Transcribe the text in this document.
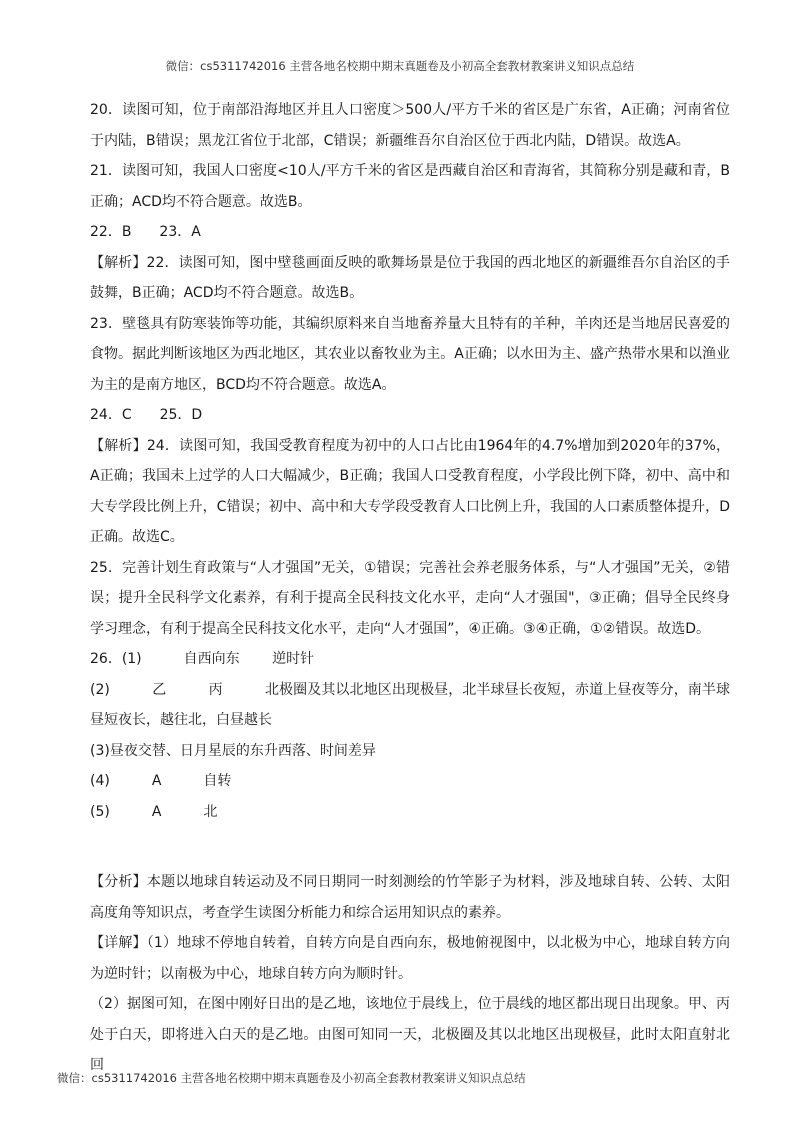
微信：cs5311742016 主营各地名校期中期末真题卷及小初高全套教材教案讲义知识点总结

20．读图可知，位于南部沿海地区并且人口密度＞500人/平方千米的省区是广东省，A正确；河南省位于内陆，B错误；黑龙江省位于北部，C错误；新疆维吾尔自治区位于西北内陆，D错误。故选A。

21．读图可知，我国人口密度<10人/平方千米的省区是西藏自治区和青海省，其简称分别是藏和青，B正确；ACD均不符合题意。故选B。

22．B　　23．A

【解析】22．读图可知，图中壁毯画面反映的歌舞场景是位于我国的西北地区的新疆维吾尔自治区的手鼓舞，B正确；ACD均不符合题意。故选B。

23．壁毯具有防寒装饰等功能，其编织原料来自当地畜养量大且特有的羊种，羊肉还是当地居民喜爱的食物。据此判断该地区为西北地区，其农业以畜牧业为主。A正确；以水田为主、盛产热带水果和以渔业为主的是南方地区，BCD均不符合题意。故选A。

24．C　　25．D

【解析】24．读图可知，我国受教育程度为初中的人口占比由1964年的4.7%增加到2020年的37%，A正确；我国未上过学的人口大幅减少，B正确；我国人口受教育程度，小学段比例下降，初中、高中和大专学段比例上升，C错误；初中、高中和大专学段受教育人口比例上升，我国的人口素质整体提升，D正确。故选C。

25．完善计划生育政策与“人才强国”无关，①错误；完善社会养老服务体系，与“人才强国”无关，②错误；提升全民科学文化素养，有利于提高全民科技文化水平，走向“人才强国"，③正确；倡导全民终身学习理念，有利于提高全民科技文化水平，走向“人才强国”，④正确。③④正确，①②错误。故选D。

26．(1)　　　自西向东　　 逆时针

(2)　　　乙　　　丙　　　北极圈及其以北地区出现极昼，北半球昼长夜短，赤道上昼夜等分，南半球昼短夜长，越往北，白昼越长

(3)昼夜交替、日月星辰的东升西落、时间差异

(4)　　　A　　　自转

(5)　　　A　　　北

【分析】本题以地球自转运动及不同日期同一时刻测绘的竹竿影子为材料，涉及地球自转、公转、太阳高度角等知识点，考查学生读图分析能力和综合运用知识点的素养。

【详解】（1）地球不停地自转着，自转方向是自西向东，极地俯视图中，以北极为中心，地球自转方向为逆时针；以南极为中心，地球自转方向为顺时针。

（2）据图可知，在图中刚好日出的是乙地，该地位于晨线上，位于晨线的地区都出现日出现象。甲、丙处于白天，即将进入白天的是乙地。由图可知同一天，北极圈及其以北地区出现极昼，此时太阳直射北回

微信：cs5311742016 主营各地名校期中期末真题卷及小初高全套教材教案讲义知识点总结
